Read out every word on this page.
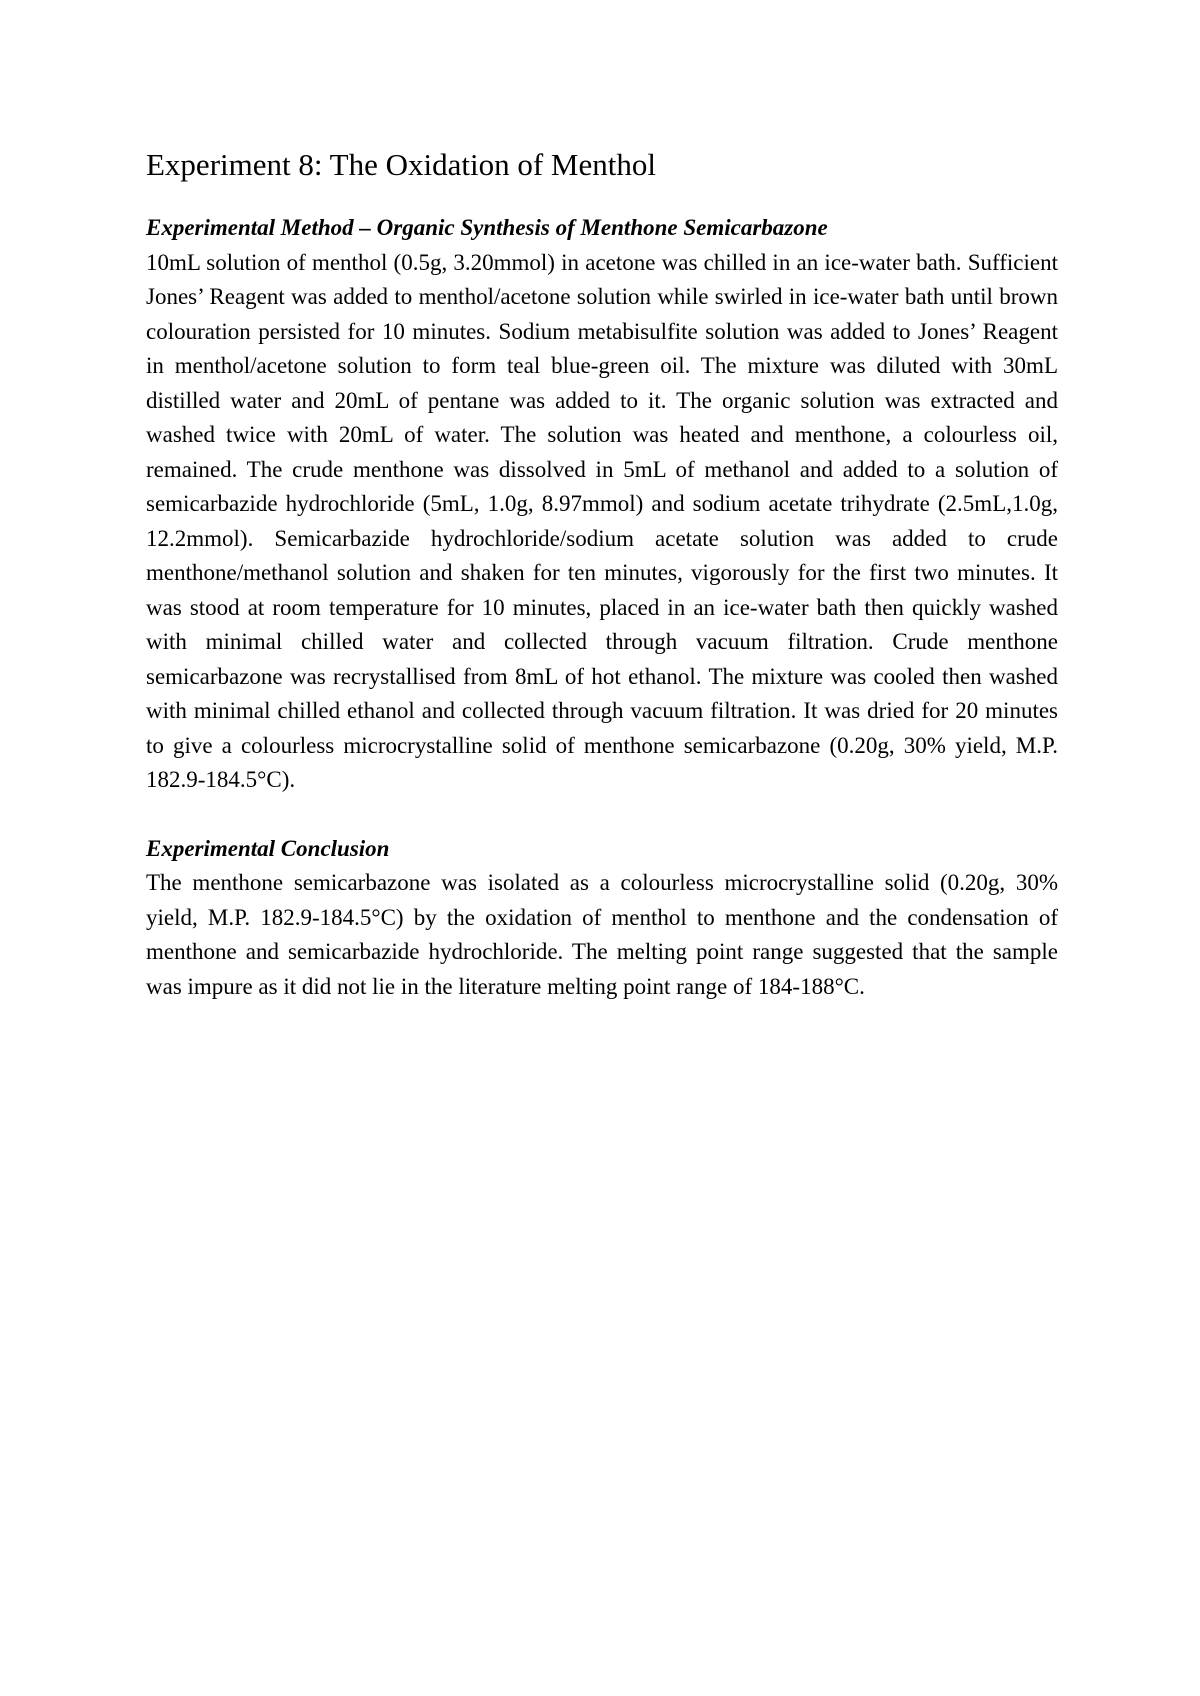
Experiment 8: The Oxidation of Menthol
Experimental Method – Organic Synthesis of Menthone Semicarbazone

10mL solution of menthol (0.5g, 3.20mmol) in acetone was chilled in an ice-water bath. Sufficient Jones’ Reagent was added to menthol/acetone solution while swirled in ice-water bath until brown colouration persisted for 10 minutes. Sodium metabisulfite solution was added to Jones’ Reagent in menthol/acetone solution to form teal blue-green oil. The mixture was diluted with 30mL distilled water and 20mL of pentane was added to it. The organic solution was extracted and washed twice with 20mL of water. The solution was heated and menthone, a colourless oil, remained. The crude menthone was dissolved in 5mL of methanol and added to a solution of semicarbazide hydrochloride (5mL, 1.0g, 8.97mmol) and sodium acetate trihydrate (2.5mL,1.0g, 12.2mmol). Semicarbazide hydrochloride/sodium acetate solution was added to crude menthone/methanol solution and shaken for ten minutes, vigorously for the first two minutes. It was stood at room temperature for 10 minutes, placed in an ice-water bath then quickly washed with minimal chilled water and collected through vacuum filtration. Crude menthone semicarbazone was recrystallised from 8mL of hot ethanol. The mixture was cooled then washed with minimal chilled ethanol and collected through vacuum filtration. It was dried for 20 minutes to give a colourless microcrystalline solid of menthone semicarbazone (0.20g, 30% yield, M.P. 182.9-184.5°C).

Experimental Conclusion

The menthone semicarbazone was isolated as a colourless microcrystalline solid (0.20g, 30% yield, M.P. 182.9-184.5°C) by the oxidation of menthol to menthone and the condensation of menthone and semicarbazide hydrochloride. The melting point range suggested that the sample was impure as it did not lie in the literature melting point range of 184-188°C.
